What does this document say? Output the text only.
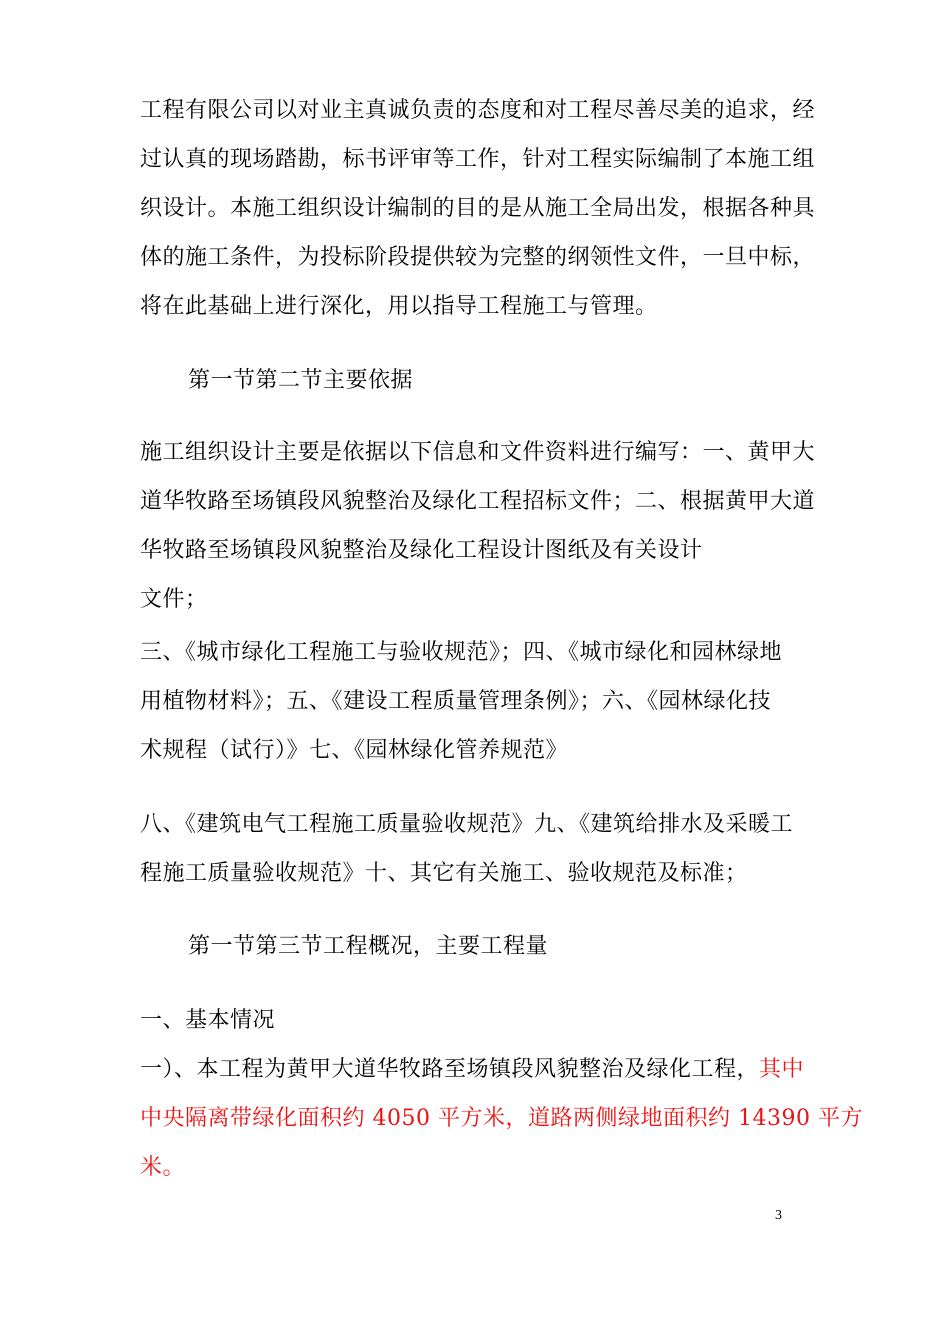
工程有限公司以对业主真诚负责的态度和对工程尽善尽美的追求，经
过认真的现场踏勘，标书评审等工作，针对工程实际编制了本施工组
织设计。本施工组织设计编制的目的是从施工全局出发，根据各种具
体的施工条件，为投标阶段提供较为完整的纲领性文件，一旦中标，
将在此基础上进行深化，用以指导工程施工与管理。
第一节第二节主要依据
施工组织设计主要是依据以下信息和文件资料进行编写：一、黄甲大
道华牧路至场镇段风貌整治及绿化工程招标文件；二、根据黄甲大道
华牧路至场镇段风貌整治及绿化工程设计图纸及有关设计
文件；
三、《城市绿化工程施工与验收规范》；四、《城市绿化和园林绿地
用植物材料》；五、《建设工程质量管理条例》；六、《园林绿化技
术规程（试行）》七、《园林绿化管养规范》
八、《建筑电气工程施工质量验收规范》九、《建筑给排水及采暖工
程施工质量验收规范》十、其它有关施工、验收规范及标准；
第一节第三节工程概况，主要工程量
一、基本情况
一）、本工程为黄甲大道华牧路至场镇段风貌整治及绿化工程，其中
中央隔离带绿化面积约 4050 平方米，道路两侧绿地面积约 14390 平方
米。
3
